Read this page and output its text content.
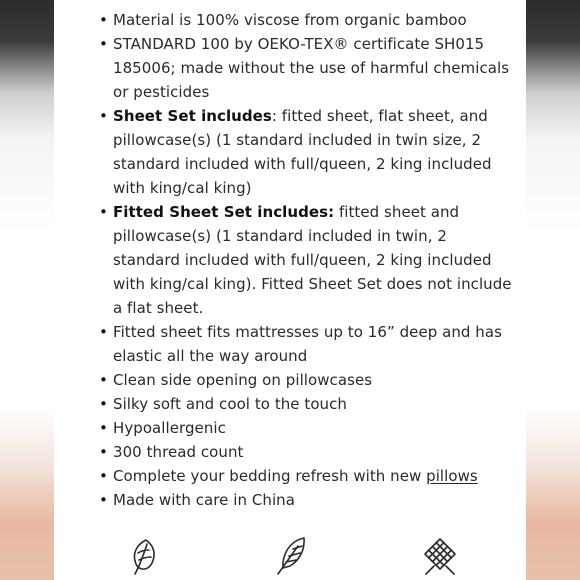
• Material is 100% viscose from organic bamboo
• STANDARD 100 by OEKO-TEX® certificate SH015 185006; made without the use of harmful chemicals or pesticides
• Sheet Set includes: fitted sheet, flat sheet, and pillowcase(s) (1 standard included in twin size, 2 standard included with full/queen, 2 king included with king/cal king)
• Fitted Sheet Set includes: fitted sheet and pillowcase(s) (1 standard included in twin, 2 standard included with full/queen, 2 king included with king/cal king). Fitted Sheet Set does not include a flat sheet.
• Fitted sheet fits mattresses up to 16” deep and has elastic all the way around
• Clean side opening on pillowcases
• Silky soft and cool to the touch
• Hypoallergenic
• 300 thread count
• Complete your bedding refresh with new pillows
• Made with care in China
